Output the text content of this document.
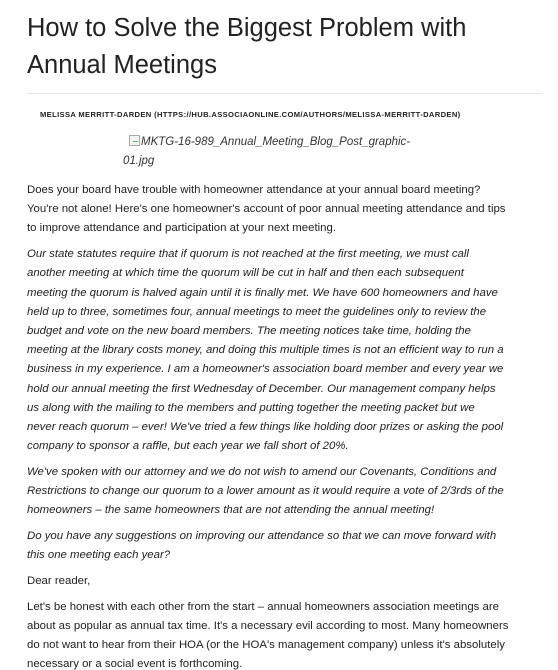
How to Solve the Biggest Problem with
Annual Meetings
MELISSA MERRITT-DARDEN (HTTPS://HUB.ASSOCIAONLINE.COM/AUTHORS/MELISSA-MERRITT-DARDEN)
MKTG-16-989_Annual_Meeting_Blog_Post_graphic-
01.jpg

Does your board have trouble with homeowner attendance at your annual board meeting?
You're not alone! Here's one homeowner's account of poor annual meeting attendance and tips
to improve attendance and participation at your next meeting.

Our state statutes require that if quorum is not reached at the first meeting, we must call
another meeting at which time the quorum will be cut in half and then each subsequent
meeting the quorum is halved again until it is finally met. We have 600 homeowners and have
held up to three, sometimes four, annual meetings to meet the guidelines only to review the
budget and vote on the new board members. The meeting notices take time, holding the
meeting at the library costs money, and doing this multiple times is not an efficient way to run a
business in my experience. I am a homeowner's association board member and every year we
hold our annual meeting the first Wednesday of December. Our management company helps
us along with the mailing to the members and putting together the meeting packet but we
never reach quorum – ever! We've tried a few things like holding door prizes or asking the pool
company to sponsor a raffle, but each year we fall short of 20%.

We've spoken with our attorney and we do not wish to amend our Covenants, Conditions and
Restrictions to change our quorum to a lower amount as it would require a vote of 2/3rds of the
homeowners – the same homeowners that are not attending the annual meeting!

Do you have any suggestions on improving our attendance so that we can move forward with
this one meeting each year?

Dear reader,

Let's be honest with each other from the start – annual homeowners association meetings are
about as popular as annual tax time. It's a necessary evil according to most. Many homeowners
do not want to hear from their HOA (or the HOA's management company) unless it's absolutely
necessary or a social event is forthcoming.
